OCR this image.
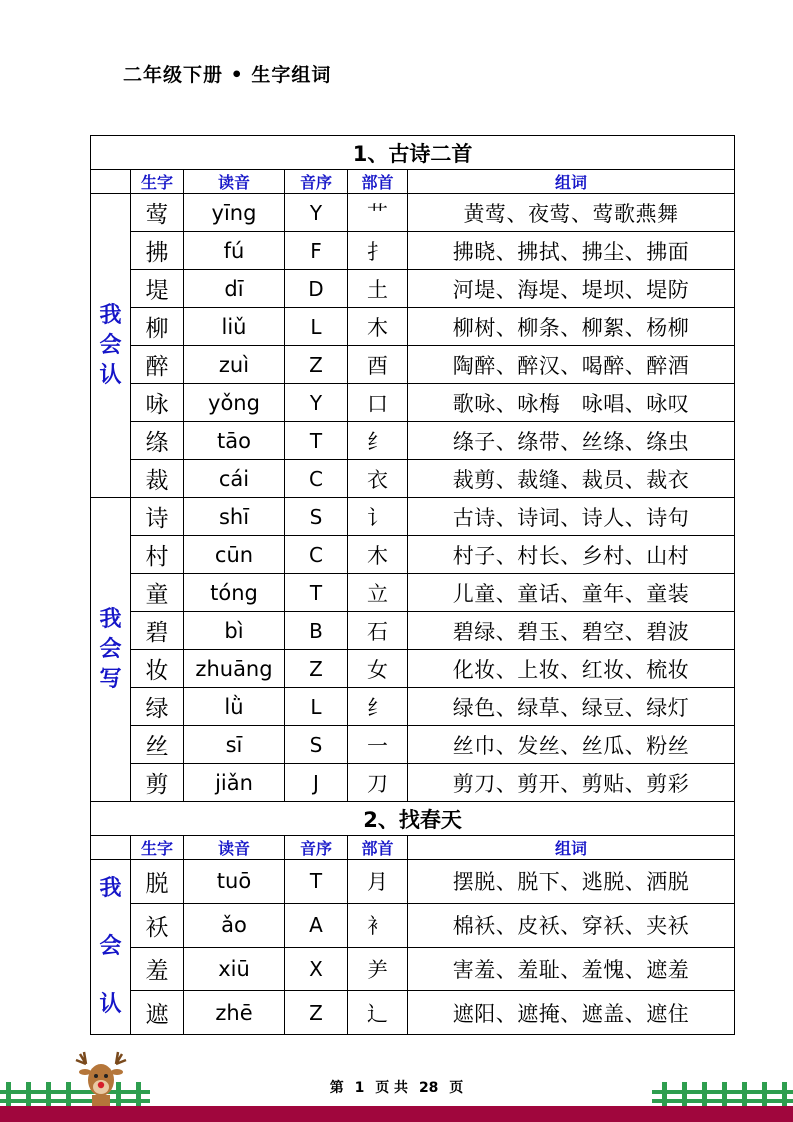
二年级下册 • 生字组词
1、古诗二首					
	生字	读音	音序	部首	组词

我
会
认	莺	yīng	Y	艹	黄莺、夜莺、莺歌燕舞
	拂	fú	F	扌	拂晓、拂拭、拂尘、拂面
	堤	dī	D	土	河堤、海堤、堤坝、堤防
	柳	liǔ	L	木	柳树、柳条、柳絮、杨柳
	醉	zuì	Z	酉	陶醉、醉汉、喝醉、醉酒
	咏	yǒng	Y	口	歌咏、咏梅　咏唱、咏叹
	绦	tāo	T	纟	绦子、绦带、丝绦、绦虫
	裁	cái	C	衣	裁剪、裁缝、裁员、裁衣

我
会
写	诗	shī	S	讠	古诗、诗词、诗人、诗句
	村	cūn	C	木	村子、村长、乡村、山村
	童	tóng	T	立	儿童、童话、童年、童装
	碧	bì	B	石	碧绿、碧玉、碧空、碧波
	妆	zhuāng	Z	女	化妆、上妆、红妆、梳妆
	绿	lǜ	L	纟	绿色、绿草、绿豆、绿灯
	丝	sī	S	一	丝巾、发丝、丝瓜、粉丝
	剪	jiǎn	J	刀	剪刀、剪开、剪贴、剪彩
2、找春天					
	生字	读音	音序	部首	组词

我
会
认	脱	tuō	T	月	摆脱、脱下、逃脱、洒脱
	袄	ǎo	A	衤	棉袄、皮袄、穿袄、夹袄
	羞	xiū	X	⺶	害羞、羞耻、羞愧、遮羞
	遮	zhē	Z	辶	遮阳、遮掩、遮盖、遮住
第 1 页 共 28 页
